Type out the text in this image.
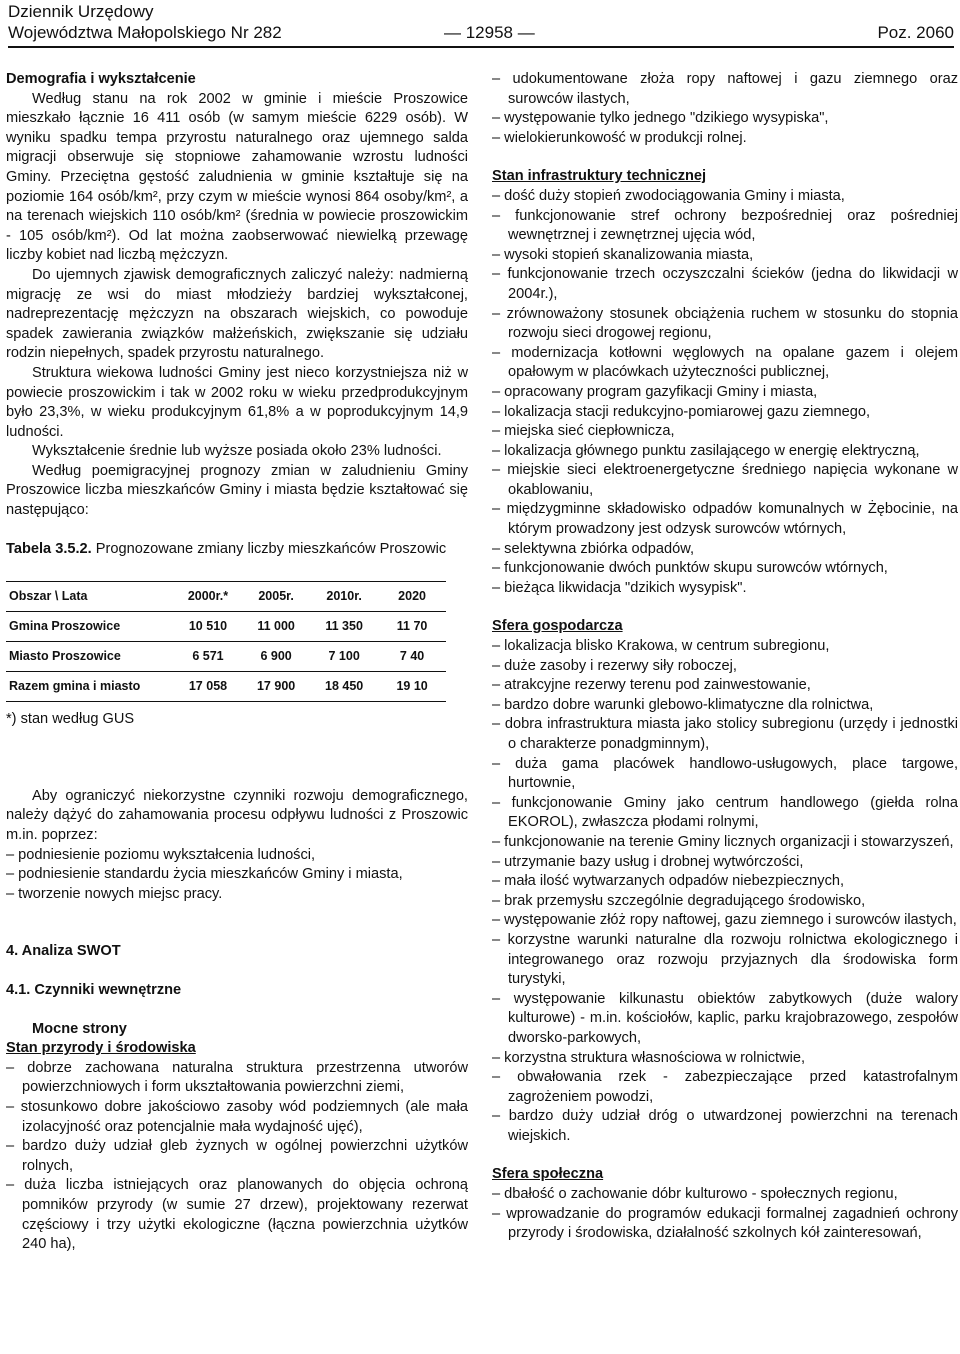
Dziennik Urzędowy
Województwa Małopolskiego Nr 282	— 12958 —	Poz. 2060

Demografia i wykształcenie

Według stanu na rok 2002 w gminie i mieście Proszowice mieszkało łącznie 16 411 osób (w samym mieście 6229 osób). W wyniku spadku tempa przyrostu naturalnego oraz ujemnego salda migracji obserwuje się stopniowe zahamowanie wzrostu ludności Gminy. Przeciętna gęstość zaludnienia w gminie kształtuje się na poziomie 164 osób/km², przy czym w mieście wynosi 864 osoby/km², a na terenach wiejskich 110 osób/km² (średnia w powiecie proszowickim - 105 osób/km²). Od lat można zaobserwować niewielką przewagę liczby kobiet nad liczbą mężczyzn.

Do ujemnych zjawisk demograficznych zaliczyć należy: nadmierną migrację ze wsi do miast młodzieży bardziej wykształconej, nadreprezentację mężczyzn na obszarach wiejskich, co powoduje spadek zawierania związków małżeńskich, zwiększanie się udziału rodzin niepełnych, spadek przyrostu naturalnego.

Struktura wiekowa ludności Gminy jest nieco korzystniejsza niż w powiecie proszowickim i tak w 2002 roku w wieku przedprodukcyjnym było 23,3%, w wieku produkcyjnym 61,8% a w poprodukcyjnym 14,9 ludności.

Wykształcenie średnie lub wyższe posiada około 23% ludności.

Według poemigracyjnej prognozy zmian w zaludnieniu Gminy Proszowice liczba mieszkańców Gminy i miasta będzie kształtować się następująco:

Tabela 3.5.2. Prognozowane zmiany liczby mieszkańców Proszowic

Obszar \ Lata	2000r.*	2005r.	2010r.	2020
Gmina Proszowice	10 510	11 000	11 350	11 70
Miasto Proszowice	6 571	6 900	7 100	7 40
Razem gmina i miasto	17 058	17 900	18 450	19 10

*) stan według GUS

Aby ograniczyć niekorzystne czynniki rozwoju demograficznego, należy dążyć do zahamowania procesu odpływu ludności z Proszowic m.in. poprzez:

– podniesienie poziomu wykształcenia ludności,

– podniesienie standardu życia mieszkańców Gminy i miasta,

– tworzenie nowych miejsc pracy.

4. Analiza SWOT

4.1. Czynniki wewnętrzne

Mocne strony

Stan przyrody i środowiska

– dobrze zachowana naturalna struktura przestrzenna utworów powierzchniowych i form ukształtowania powierzchni ziemi,

– stosunkowo dobre jakościowo zasoby wód podziemnych (ale mała izolacyjność oraz potencjalnie mała wydajność ujęć),

– bardzo duży udział gleb żyznych w ogólnej powierzchni użytków rolnych,

– duża liczba istniejących oraz planowanych do objęcia ochroną pomników przyrody (w sumie 27 drzew), projektowany rezerwat częściowy i trzy użytki ekologiczne (łączna powierzchnia użytków 240 ha),

– udokumentowane złoża ropy naftowej i gazu ziemnego oraz surowców ilastych,

– występowanie tylko jednego "dzikiego wysypiska",

– wielokierunkowość w produkcji rolnej.

Stan infrastruktury technicznej

– dość duży stopień zwodociągowania Gminy i miasta,

– funkcjonowanie stref ochrony bezpośredniej oraz pośredniej wewnętrznej i zewnętrznej ujęcia wód,

– wysoki stopień skanalizowania miasta,

– funkcjonowanie trzech oczyszczalni ścieków (jedna do likwidacji w 2004r.),

– zrównoważony stosunek obciążenia ruchem w stosunku do stopnia rozwoju sieci drogowej regionu,

– modernizacja kotłowni węglowych na opalane gazem i olejem opałowym w placówkach użyteczności publicznej,

– opracowany program gazyfikacji Gminy i miasta,

– lokalizacja stacji redukcyjno-pomiarowej gazu ziemnego,

– miejska sieć ciepłownicza,

– lokalizacja głównego punktu zasilającego w energię elektryczną,

– miejskie sieci elektroenergetyczne średniego napięcia wykonane w okablowaniu,

– międzygminne składowisko odpadów komunalnych w Żębocinie, na którym prowadzony jest odzysk surowców wtórnych,

– selektywna zbiórka odpadów,

– funkcjonowanie dwóch punktów skupu surowców wtórnych,

– bieżąca likwidacja "dzikich wysypisk".

Sfera gospodarcza

– lokalizacja blisko Krakowa, w centrum subregionu,

– duże zasoby i rezerwy siły roboczej,

– atrakcyjne rezerwy terenu pod zainwestowanie,

– bardzo dobre warunki glebowo-klimatyczne dla rolnictwa,

– dobra infrastruktura miasta jako stolicy subregionu (urzędy i jednostki o charakterze ponadgminnym),

– duża gama placówek handlowo-usługowych, place targowe, hurtownie,

– funkcjonowanie Gminy jako centrum handlowego (giełda rolna EKOROL), zwłaszcza płodami rolnymi,

– funkcjonowanie na terenie Gminy licznych organizacji i stowarzyszeń,

– utrzymanie bazy usług i drobnej wytwórczości,

– mała ilość wytwarzanych odpadów niebezpiecznych,

– brak przemysłu szczególnie degradującego środowisko,

– występowanie złóż ropy naftowej, gazu ziemnego i surowców ilastych,

– korzystne warunki naturalne dla rozwoju rolnictwa ekologicznego i integrowanego oraz rozwoju przyjaznych dla środowiska form turystyki,

– występowanie kilkunastu obiektów zabytkowych (duże walory kulturowe) - m.in. kościołów, kaplic, parku krajobrazowego, zespołów dworsko-parkowych,

– korzystna struktura własnościowa w rolnictwie,

– obwałowania rzek - zabezpieczające przed katastrofalnym zagrożeniem powodzi,

– bardzo duży udział dróg o utwardzonej powierzchni na terenach wiejskich.

Sfera społeczna

– dbałość o zachowanie dóbr kulturowo - społecznych regionu,

– wprowadzanie do programów edukacji formalnej zagadnień ochrony przyrody i środowiska, działalność szkolnych kół zainteresowań,
